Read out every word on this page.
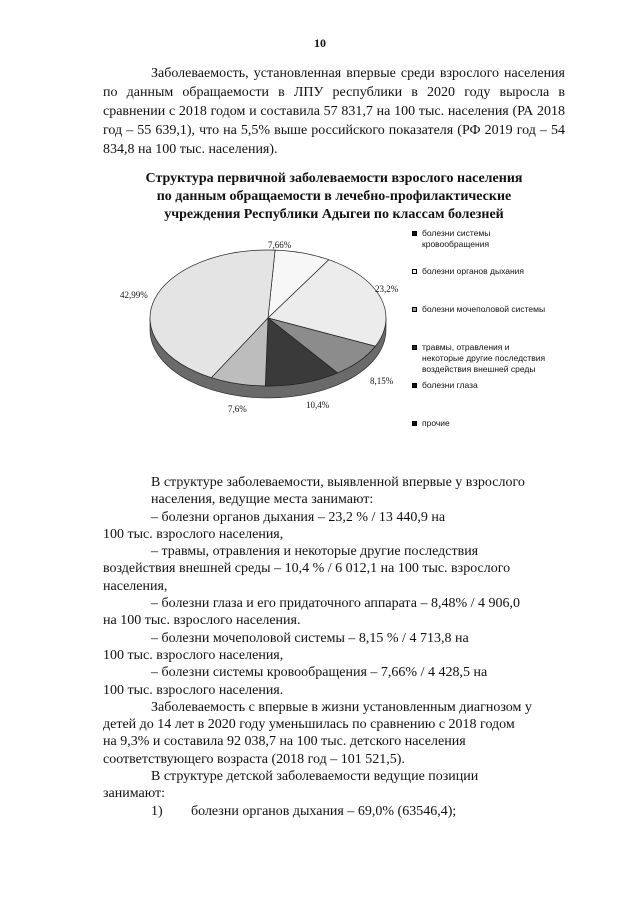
10

Заболеваемость, установленная впервые среди взрослого населения по данным обращаемости в ЛПУ республики в 2020 году выросла в сравнении с 2018 годом и составила 57 831,7 на 100 тыс. населения (РА 2018 год – 55 639,1), что на 5,5% выше российского показателя (РФ 2019 год – 54 834,8 на 100 тыс. населения).

Структура первичной заболеваемости взрослого населения
по данным обращаемости в лечебно-профилактические
учреждения Республики Адыгеи по классам болезней
7,66%
23,2%
8,15%
10,4%
7,6%
42,99%
болезни системы
кровообращения
болезни органов дыхания
болезни мочеполовой системы
травмы, отравления и
некоторые другие последствия
воздействия внешней среды
болезни глаза
прочие
В структуре заболеваемости, выявленной впервые у взрослого
населения, ведущие места занимают:
– болезни органов дыхания – 23,2 % / 13 440,9 на
100 тыс. взрослого населения,
– травмы, отравления и некоторые другие последствия
воздействия внешней среды – 10,4 % / 6 012,1 на 100 тыс. взрослого
населения,
– болезни глаза и его придаточного аппарата – 8,48% / 4 906,0
на 100 тыс. взрослого населения.
– болезни мочеполовой системы – 8,15 % / 4 713,8 на
100 тыс. взрослого населения,
– болезни системы кровообращения – 7,66% / 4 428,5 на
100 тыс. взрослого населения.
Заболеваемость с впервые в жизни установленным диагнозом у
детей до 14 лет в 2020 году уменьшилась по сравнению с 2018 годом
на 9,3% и составила 92 038,7 на 100 тыс. детского населения
соответствующего возраста (2018 год – 101 521,5).
В структуре детской заболеваемости ведущие позиции
занимают:
1) болезни органов дыхания – 69,0% (63546,4);
